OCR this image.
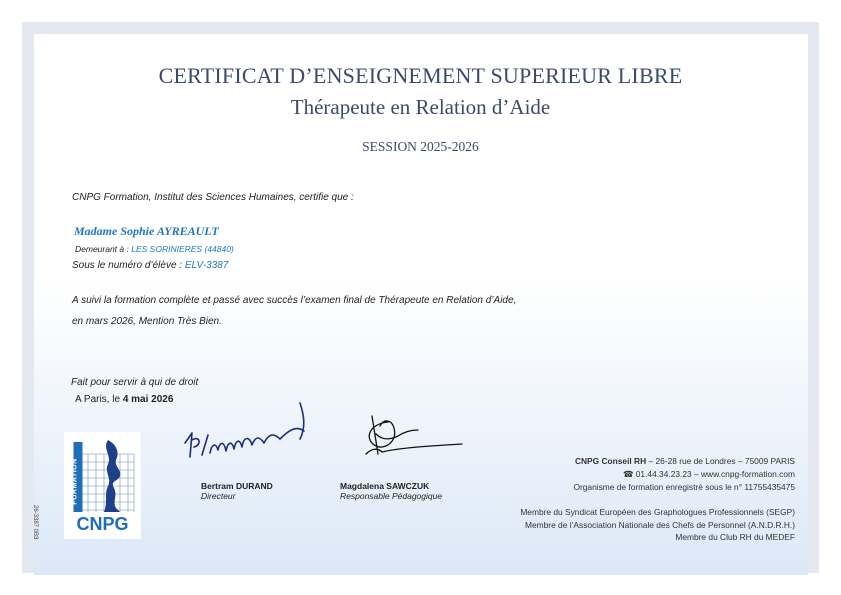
CERTIFICAT D’ENSEIGNEMENT SUPERIEUR LIBRE
Thérapeute en Relation d’Aide
SESSION 2025-2026
CNPG Formation, Institut des Sciences Humaines, certifie que :
Madame Sophie AYREAULT
Demeurant à : LES SORINIERES (44840)
Sous le numéro d’élève : ELV-3387
A suivi la formation complète et passé avec succès l’examen final de Thérapeute en Relation d’Aide,
en mars 2026, Mention Très Bien.
Fait pour servir à qui de droit
A Paris, le 4 mai 2026
FORMATION
CNPG
26-3387 0B3
Bertram DURAND
Directeur
Magdalena SAWCZUK
Responsable Pédagogique
CNPG Conseil RH – 26-28 rue de Londres – 75009 PARIS
☎ 01.44.34.23.23 – www.cnpg-formation.com
Organisme de formation enregistré sous le n° 11755435475
Membre du Syndicat Européen des Graphologues Professionnels (SEGP)
Membre de l’Association Nationale des Chefs de Personnel (A.N.D.R.H.)
Membre du Club RH du MEDEF
